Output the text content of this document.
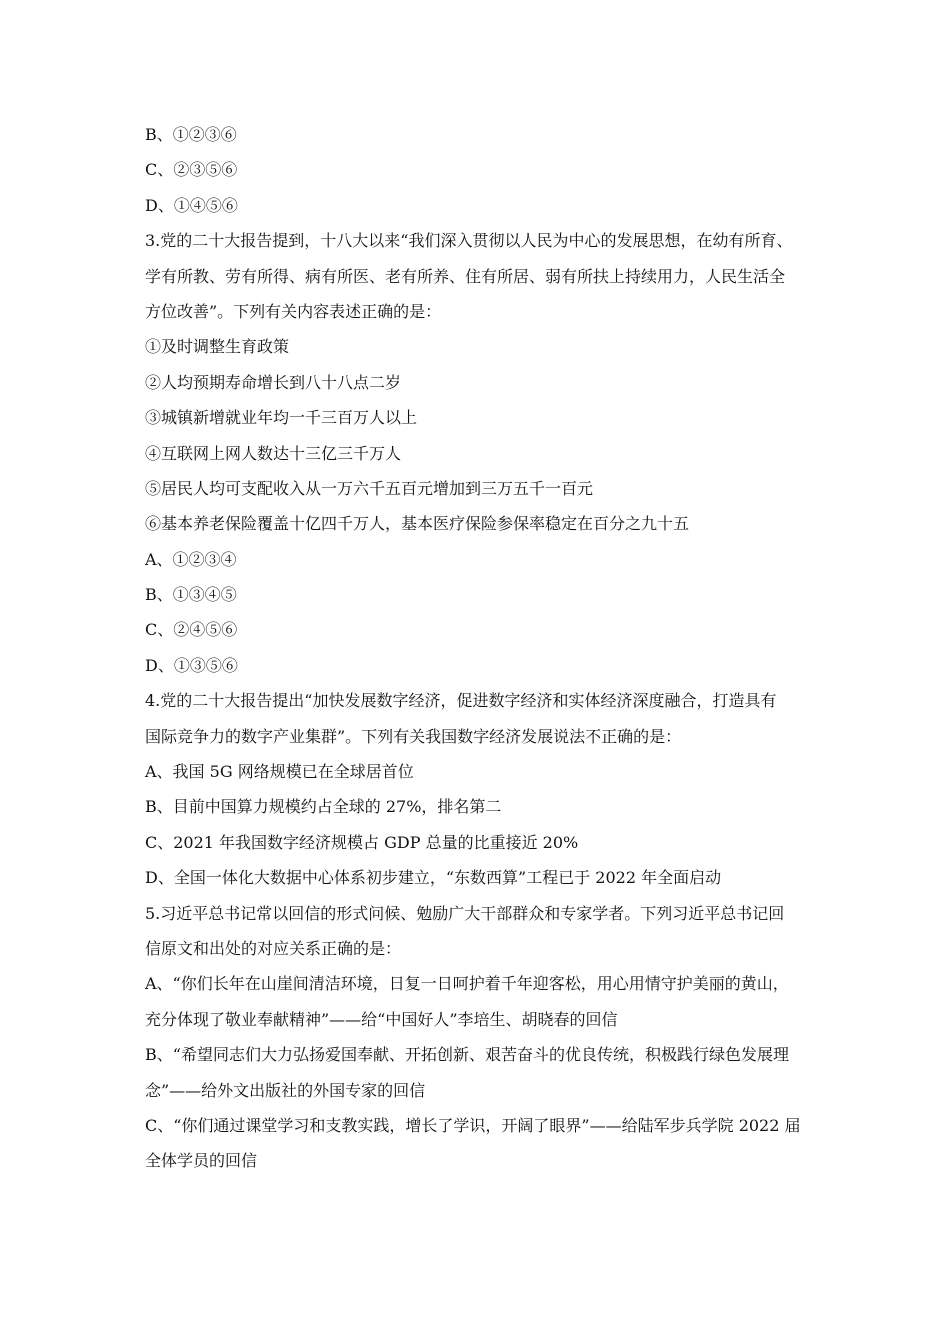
B、①②③⑥

C、②③⑤⑥

D、①④⑤⑥

3.党的二十大报告提到，十八大以来“我们深入贯彻以人民为中心的发展思想，在幼有所育、

学有所教、劳有所得、病有所医、老有所养、住有所居、弱有所扶上持续用力，人民生活全

方位改善”。下列有关内容表述正确的是：

①及时调整生育政策

②人均预期寿命增长到八十八点二岁

③城镇新增就业年均一千三百万人以上

④互联网上网人数达十三亿三千万人

⑤居民人均可支配收入从一万六千五百元增加到三万五千一百元

⑥基本养老保险覆盖十亿四千万人，基本医疗保险参保率稳定在百分之九十五

A、①②③④

B、①③④⑤

C、②④⑤⑥

D、①③⑤⑥

4.党的二十大报告提出“加快发展数字经济，促进数字经济和实体经济深度融合，打造具有

国际竞争力的数字产业集群”。下列有关我国数字经济发展说法不正确的是：

A、我国 5G 网络规模已在全球居首位

B、目前中国算力规模约占全球的 27%，排名第二

C、2021 年我国数字经济规模占 GDP 总量的比重接近 20%

D、全国一体化大数据中心体系初步建立，“东数西算”工程已于 2022 年全面启动

5.习近平总书记常以回信的形式问候、勉励广大干部群众和专家学者。下列习近平总书记回

信原文和出处的对应关系正确的是：

A、“你们长年在山崖间清洁环境，日复一日呵护着千年迎客松，用心用情守护美丽的黄山，

充分体现了敬业奉献精神”——给“中国好人”李培生、胡晓春的回信

B、“希望同志们大力弘扬爱国奉献、开拓创新、艰苦奋斗的优良传统，积极践行绿色发展理

念”——给外文出版社的外国专家的回信

C、“你们通过课堂学习和支教实践，增长了学识，开阔了眼界”——给陆军步兵学院 2022 届

全体学员的回信
